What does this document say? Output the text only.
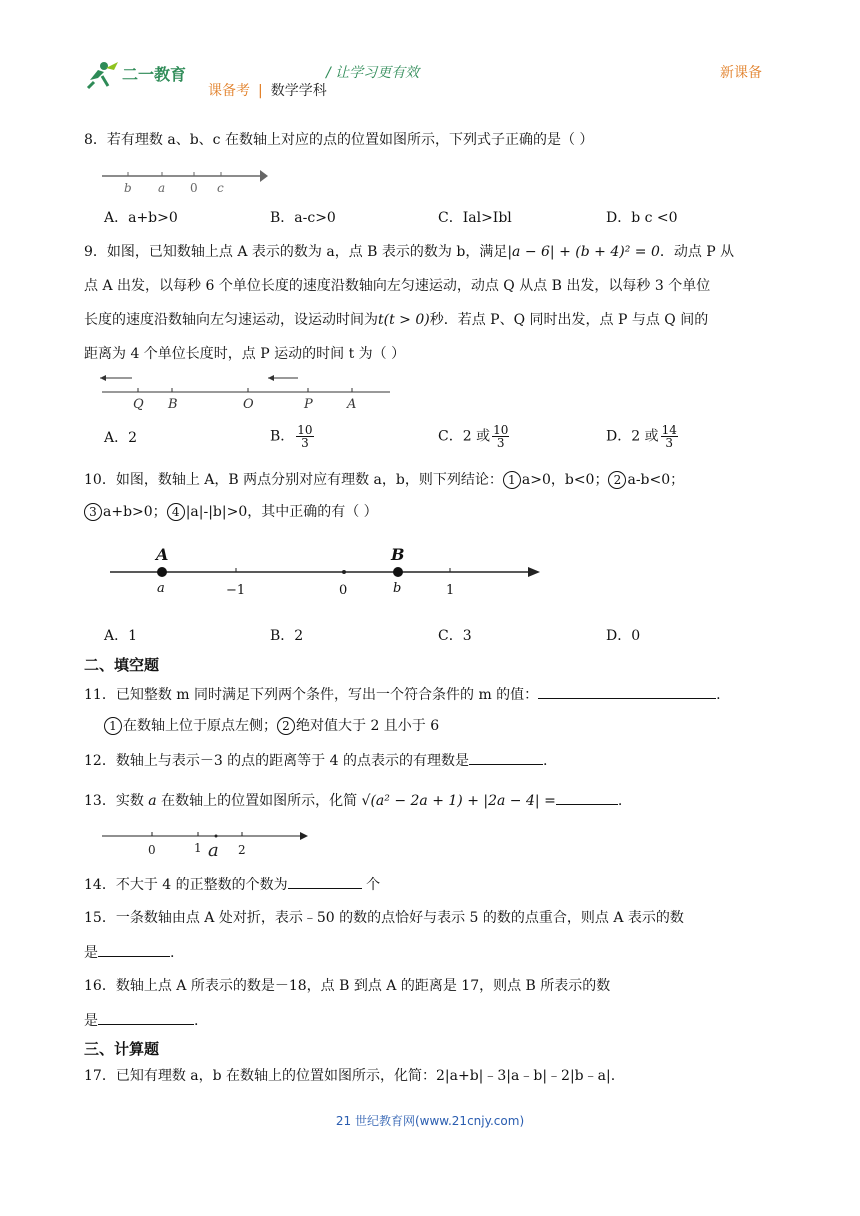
二一教育	/ 让学习更有效
课备考 | 数学学科
新课备
8．若有理数 a、b、c 在数轴上对应的点的位置如图所示，下列式子正确的是（ ）
b a 0 c
A．a+b>0	B．a-c>0	C．Ial>Ibl	D．b c <0
9．如图，已知数轴上点 A 表示的数为 a，点 B 表示的数为 b，满足|a − 6| + (b + 4)² = 0．动点 P 从
点 A 出发，以每秒 6 个单位长度的速度沿数轴向左匀速运动，动点 Q 从点 B 出发，以每秒 3 个单位
长度的速度沿数轴向左匀速运动，设运动时间为t(t > 0)秒．若点 P、Q 同时出发，点 P 与点 Q 间的
距离为 4 个单位长度时，点 P 运动的时间 t 为（ ）
Q B	O	P	A
A．2	B． $\frac{10}{3}$	C．2 或 $\frac{10}{3}$	D．2 或 $\frac{14}{3}$
10．如图，数轴上 A，B 两点分别对应有理数 a，b，则下列结论： 1 a>0，b<0； 2 a-b<0；
3 a+b>0； 4 |a|-|b|>0，其中正确的有（ ）
A	B
a	−1	0	b	1
A．1	B．2	C．3	D．0
二、填空题
11．已知整数 m 同时满足下列两个条件，写出一个符合条件的 m 的值：	.
1 在数轴上位于原点左侧； 2 绝对值大于 2 且小于 6
12．数轴上与表示－3 的点的距离等于 4 的点表示的有理数是	.
13．实数 a 在数轴上的位置如图所示，化简 √(a² − 2a + 1) + |2a − 4| =	.
0	1 a 2
14．不大于 4 的正整数的个数为	个
15．一条数轴由点 A 处对折，表示﹣50 的数的点恰好与表示 5 的数的点重合，则点 A 表示的数
是	.
16．数轴上点 A 所表示的数是－18，点 B 到点 A 的距离是 17，则点 B 所表示的数
是	.
三、计算题
17．已知有理数 a，b 在数轴上的位置如图所示，化简：2|a+b|﹣3|a﹣b|﹣2|b﹣a|.
21 世纪教育网(www.21cnjy.com)
